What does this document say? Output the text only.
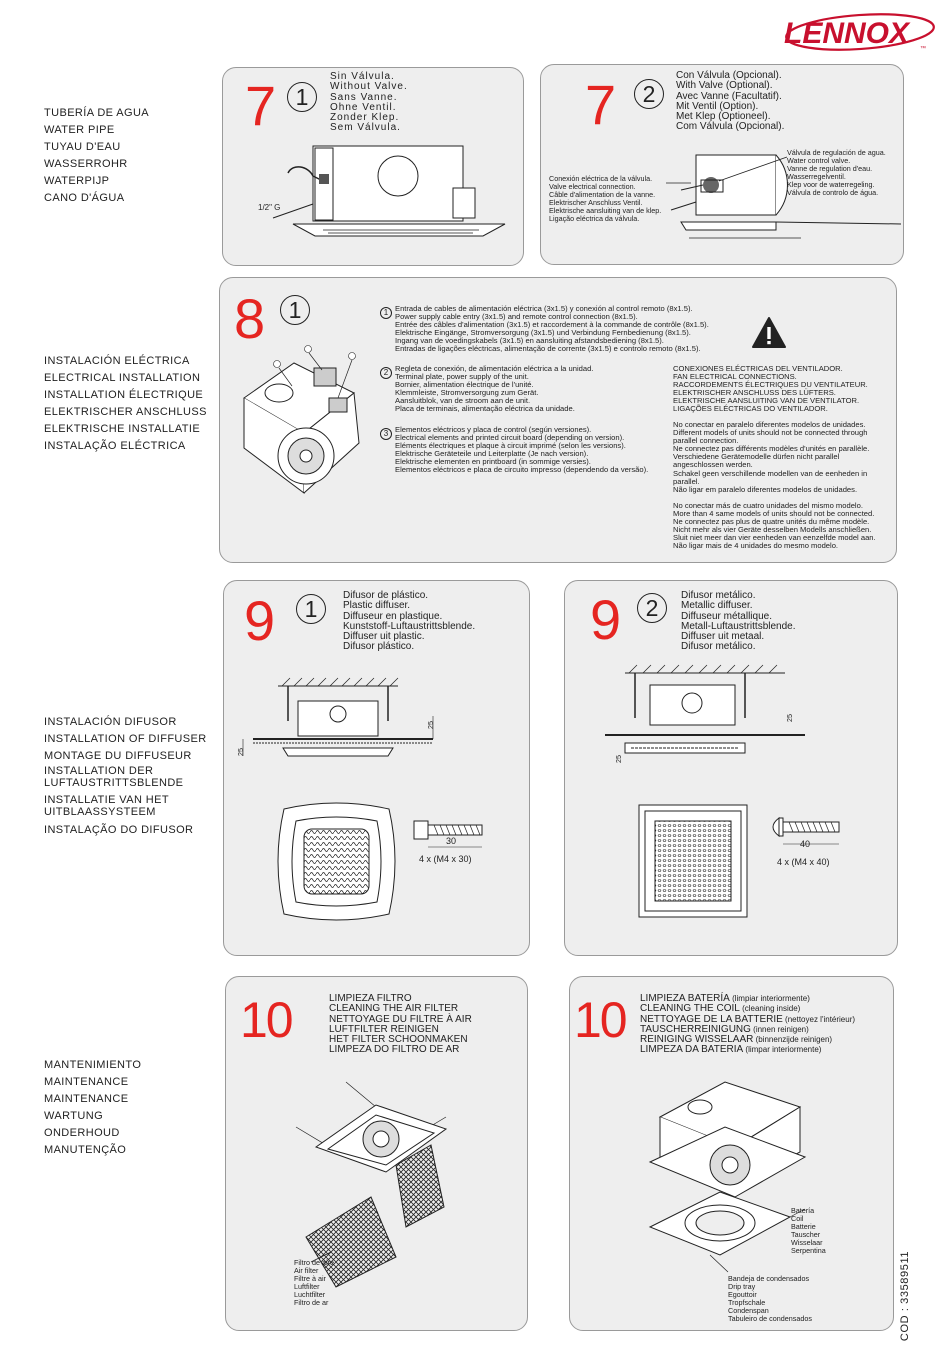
LENNOX	™
TUBERÍA DE AGUA
WATER PIPE
TUYAU D'EAU
WASSERROHR
WATERPIJP
CANO D'ÁGUA
INSTALACIÓN ELÉCTRICA
ELECTRICAL INSTALLATION
INSTALLATION ÉLECTRIQUE
ELEKTRISCHER ANSCHLUSS
ELEKTRISCHE INSTALLATIE
INSTALAÇÃO ELÉCTRICA
INSTALACIÓN DIFUSOR
INSTALLATION OF DIFFUSER
MONTAGE DU DIFFUSEUR
INSTALLATION DER
LUFTAUSTRITTSBLENDE
INSTALLATIE VAN HET
UITBLAASSYSTEEM
INSTALAÇÃO DO DIFUSOR
MANTENIMIENTO
MAINTENANCE
MAINTENANCE
WARTUNG
ONDERHOUD
MANUTENÇÃO
7 1
Sin Válvula.
Without Valve.
Sans Vanne.
Ohne Ventil.
Zonder Klep.
Sem Válvula.
1/2" G
7	2
Con Válvula (Opcional).
With Valve (Optional).
Avec Vanne (Facultatif).
Mit Ventil (Option).
Met Klep (Optioneel).
Com Válvula (Opcional).
Conexión eléctrica de la válvula.
Valve electrical connection.
Câble d'alimentation de la vanne.
Elektrischer Anschluss Ventil.
Elektrische aansluiting van de klep.
Ligação eléctrica da válvula.
Válvula de regulación de agua.
Water control valve.
Vanne de regulation d'eau.
Wasserregelventil.
Klep voor de waterregeling.
Válvula de controlo de água.
8	1	1 Entrada de cables de alimentación eléctrica (3x1.5) y conexión al control remoto (8x1.5).
Power supply cable entry (3x1.5) and remote control connection (8x1.5).
Entrée des câbles d'alimentation (3x1.5) et raccordement à la commande de contrôle (8x1.5).
Elektrische Eingänge, Stromversorgung (3x1.5) und Verbindung Fernbedienung (8x1.5).
Ingang van de voedingskabels (3x1.5) en aansluiting afstandsbediening (8x1.5).
Entradas de ligações eléctricas, alimentação de corrente (3x1.5) e controlo remoto (8x1.5).
2 Regleta de conexión, de alimentación eléctrica a la unidad.
Terminal plate, power supply of the unit.
Bornier, alimentation électrique de l'unité.
Klemmleiste, Stromversorgung zum Gerät.
Aansluitblok, van de stroom aan de unit.
Placa de terminais, alimentação eléctrica da unidade.
3 Elementos eléctricos y placa de control (según versiones).
Electrical elements and printed circuit board (depending on version).
Eléments électriques et plaque à circuit imprimé (selon les versions).
Elektrische Geräteteile und Leiterplatte (Je nach version).
Elektrische elementen en printboard (in sommige versies).
Elementos eléctricos e placa de circuito impresso (dependendo da versão).
CONEXIONES ELÉCTRICAS DEL VENTILADOR.
FAN ELECTRICAL CONNECTIONS.
RACCORDEMENTS ÉLECTRIQUES DU VENTILATEUR.
ELEKTRISCHER ANSCHLUSS DES LÜFTERS.
ELEKTRISCHE AANSLUITING VAN DE VENTILATOR.
LIGAÇÕES ELÉCTRICAS DO VENTILADOR.
No conectar en paralelo diferentes modelos de unidades.
Different models of units should not be connected through
parallel connection.
Ne connectez pas différents modèles d'unités en parallèle.
Verschiedene Gerätemodelle dürfen nicht parallel
angeschlossen werden.
Schakel geen verschillende modellen van de eenheden in
parallel.
Não ligar em paralelo diferentes modelos de unidades.
No conectar más de cuatro unidades del mismo modelo.
More than 4 same models of units should not be connected.
Ne connectez pas plus de quatre unités du même modèle.
Nicht mehr als vier Geräte desselben Modells anschließen.
Sluit niet meer dan vier eenheden van eenzelfde model aan.
Não ligar mais de 4 unidades do mesmo modelo.
9	1
Difusor de plástico.
Plastic diffuser.
Diffuseur en plastique.
Kunststoff-Luftaustrittsblende.
Diffuser uit plastic.
Difusor plástico.
25
25
30
4 x (M4 x 30)
9	2	Difusor metálico.
Metallic diffuser.
Diffuseur métallique.
Metall-Luftaustrittsblende.
Diffuser uit metaal.
Difusor metálico.
25
25
40
4 x (M4 x 40)
10	LIMPIEZA FILTRO
CLEANING THE AIR FILTER
NETTOYAGE DU FILTRE À AIR
LUFTFILTER REINIGEN
HET FILTER SCHOONMAKEN
LIMPEZA DO FILTRO DE AR
Filtro de aire
Air filter
Filtre à air
Luftfilter
Luchtfilter
Filtro de ar
10 LIMPIEZA BATERÍA (limpiar interiormente)
CLEANING THE COIL (cleaning inside)
NETTOYAGE DE LA BATTERIE (nettoyez l'intérieur)
TAUSCHERREINIGUNG (innen reinigen)
REINIGING WISSELAAR (binnenzijde reinigen)
LIMPEZA DA BATERIA (limpar interiormente)
Batería
Coil
Batterie
Tauscher
Wisselaar
Serpentina
Bandeja de condensados
Drip tray
Egouttoir
Tropfschale
Condenspan
Tabuleiro de condensados	COD : 33589511
